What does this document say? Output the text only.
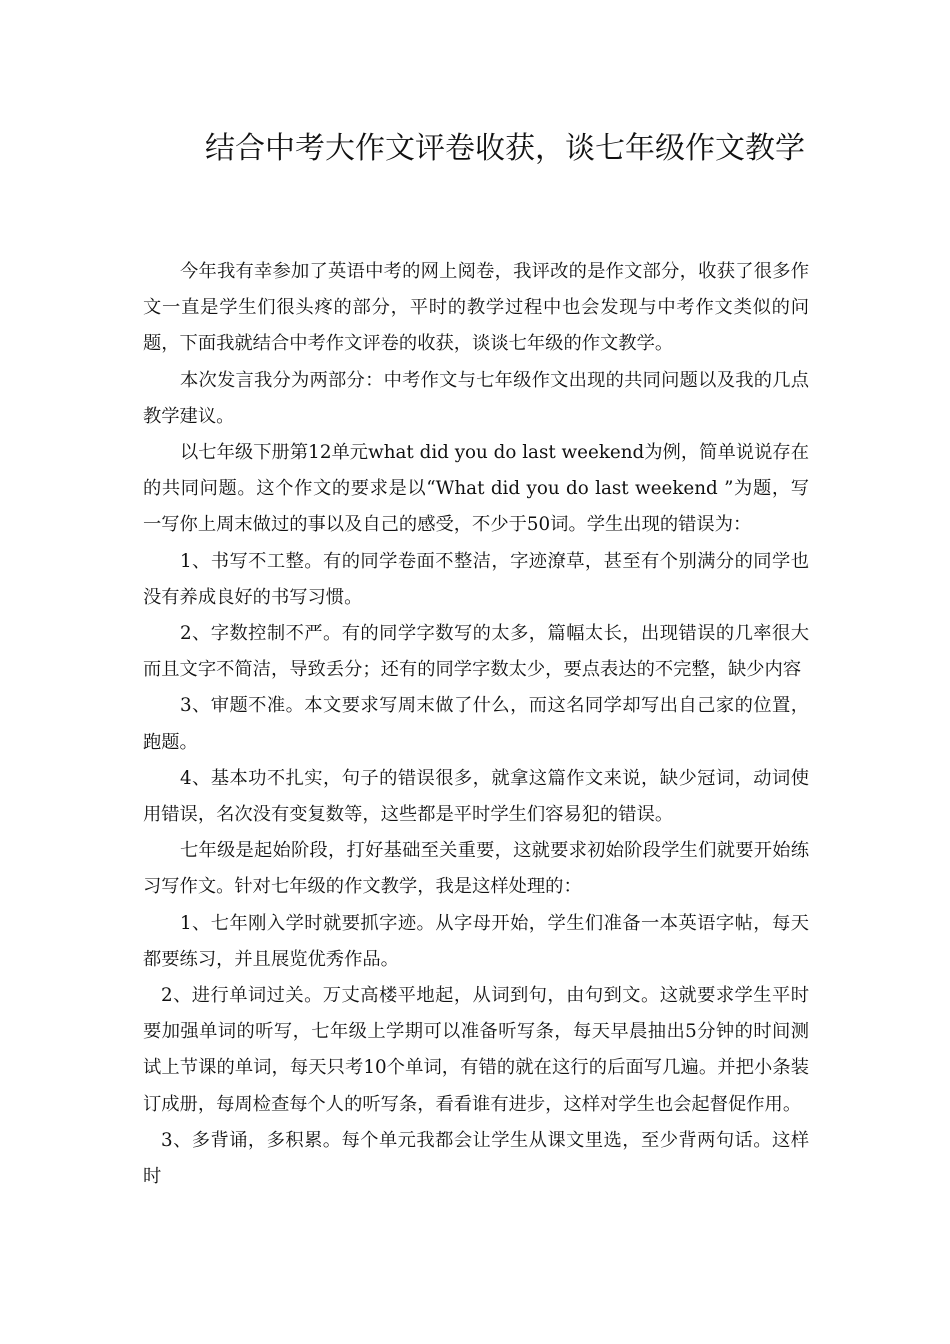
结合中考大作文评卷收获，谈七年级作文教学

今年我有幸参加了英语中考的网上阅卷，我评改的是作文部分，收获了很多作文一直是学生们很头疼的部分，平时的教学过程中也会发现与中考作文类似的问题，下面我就结合中考作文评卷的收获，谈谈七年级的作文教学。

本次发言我分为两部分：中考作文与七年级作文出现的共同问题以及我的几点教学建议。

以七年级下册第12单元what did you do last weekend为例，简单说说存在的共同问题。这个作文的要求是以“What did you do last weekend ”为题，写一写你上周末做过的事以及自己的感受，不少于50词。学生出现的错误为：

1、书写不工整。有的同学卷面不整洁，字迹潦草，甚至有个别满分的同学也没有养成良好的书写习惯。

2、字数控制不严。有的同学字数写的太多，篇幅太长，出现错误的几率很大而且文字不简洁，导致丢分；还有的同学字数太少，要点表达的不完整，缺少内容

3、审题不准。本文要求写周末做了什么，而这名同学却写出自己家的位置，跑题。

4、基本功不扎实，句子的错误很多，就拿这篇作文来说，缺少冠词，动词使用错误，名次没有变复数等，这些都是平时学生们容易犯的错误。

七年级是起始阶段，打好基础至关重要，这就要求初始阶段学生们就要开始练习写作文。针对七年级的作文教学，我是这样处理的：

1、七年刚入学时就要抓字迹。从字母开始，学生们准备一本英语字帖，每天都要练习，并且展览优秀作品。

2、进行单词过关。万丈高楼平地起，从词到句，由句到文。这就要求学生平时要加强单词的听写，七年级上学期可以准备听写条，每天早晨抽出5分钟的时间测试上节课的单词，每天只考10个单词，有错的就在这行的后面写几遍。并把小条装订成册，每周检查每个人的听写条，看看谁有进步，这样对学生也会起督促作用。

3、多背诵，多积累。每个单元我都会让学生从课文里选，至少背两句话。这样时
